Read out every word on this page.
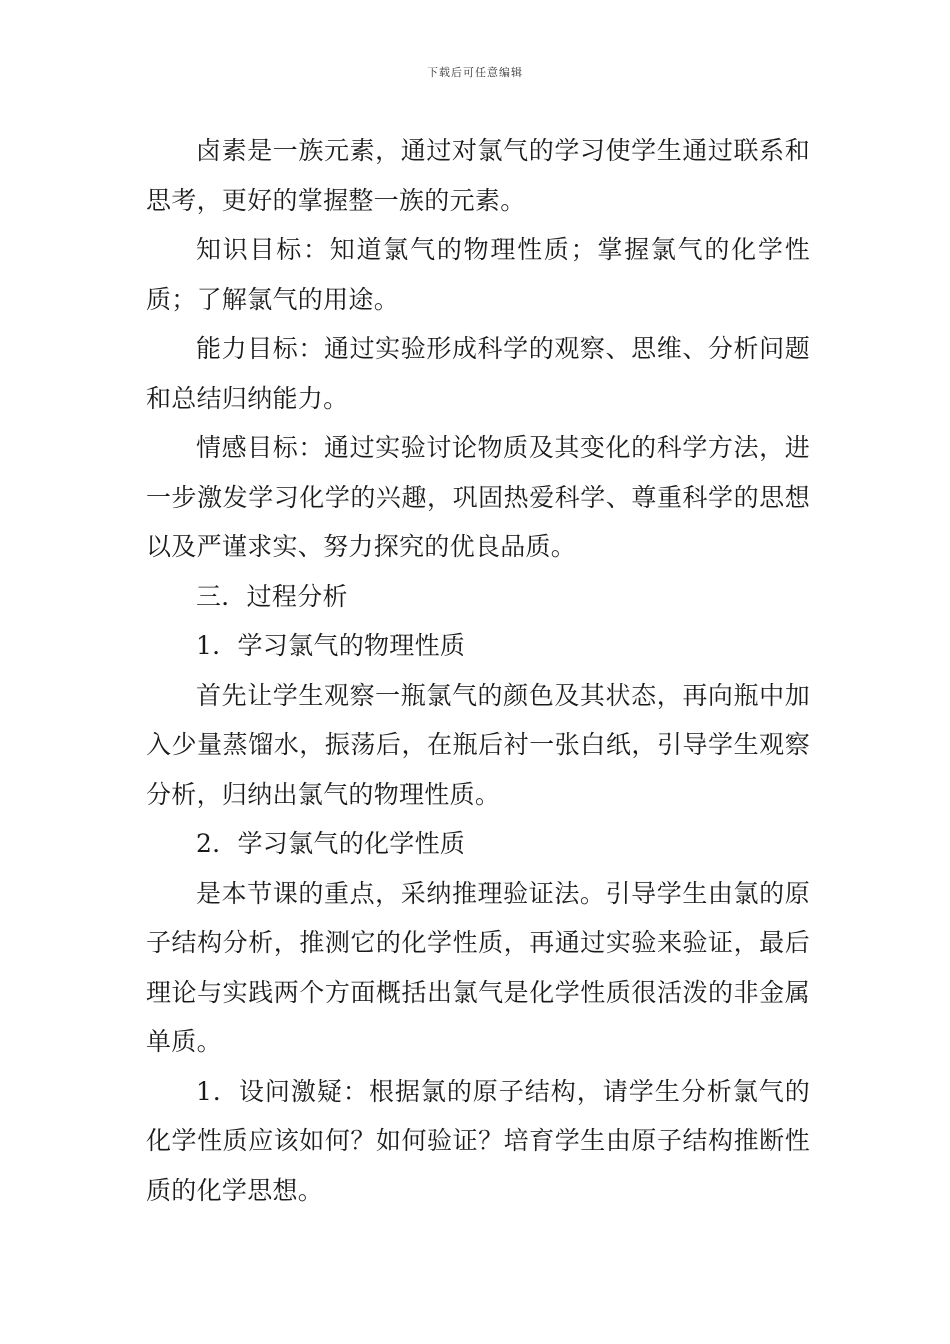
下载后可任意编辑

卤素是一族元素，通过对氯气的学习使学生通过联系和思考，更好的掌握整一族的元素。

知识目标：知道氯气的物理性质；掌握氯气的化学性质；了解氯气的用途。

能力目标：通过实验形成科学的观察、思维、分析问题和总结归纳能力。

情感目标：通过实验讨论物质及其变化的科学方法，进一步激发学习化学的兴趣，巩固热爱科学、尊重科学的思想以及严谨求实、努力探究的优良品质。

三．过程分析

1．学习氯气的物理性质

首先让学生观察一瓶氯气的颜色及其状态，再向瓶中加入少量蒸馏水，振荡后，在瓶后衬一张白纸，引导学生观察分析，归纳出氯气的物理性质。

2．学习氯气的化学性质

是本节课的重点，采纳推理验证法。引导学生由氯的原子结构分析，推测它的化学性质，再通过实验来验证，最后理论与实践两个方面概括出氯气是化学性质很活泼的非金属单质。

1．设问激疑：根据氯的原子结构，请学生分析氯气的化学性质应该如何？如何验证？培育学生由原子结构推断性质的化学思想。
